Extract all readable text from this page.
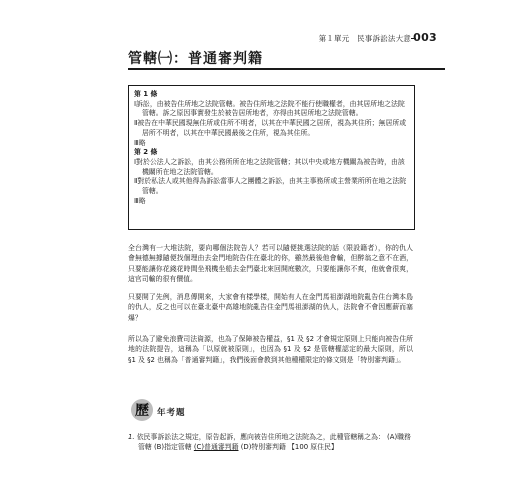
第１單元　民事訴訟法大意 003
管轄㈠：普通審判籍
第 1 條
Ⅰ訴訟，由被告住所地之法院管轄。被告住所地之法院不能行使職權者，由其居所地之法院管轄。訴之原因事實發生於被告居所地者，亦得由其居所地之法院管轄。
Ⅱ被告在中華民國現無住所或住所不明者，以其在中華民國之居所，視為其住所；無居所或居所不明者，以其在中華民國最後之住所，視為其住所。
Ⅲ略
第 2 條
Ⅰ對於公法人之訴訟，由其公務所所在地之法院管轄；其以中央或地方機關為被告時，由該機關所在地之法院管轄。
Ⅱ對於私法人或其他得為訴訟當事人之團體之訴訟，由其主事務所或主營業所所在地之法院管轄。
Ⅲ略
全台灣有一大堆法院，要向哪個法院告人？若可以隨便挑選法院的話（限設籍者），你的仇人會無德無據隨便找個理由去金門地院告住在臺北的你，雖然最後他會輸，但醉翁之意不在酒，只要能讓你花錢花時間坐飛機坐船去金門臺北來回開庭數次，只要能讓你不爽，他就會很爽，這官司輸的很有價值。
只要開了先例，消息傳開來，大家會有樣學樣，開始有人在金門馬祖澎湖地院亂告住台灣本島的仇人，反之也可以在臺北臺中高雄地院亂告住金門馬祖澎湖的仇人，法院會不會因應薪而塞爆？
所以為了避免浪費司法資源，也為了保障被告權益，§1 及 §2 才會規定原則上只能向被告住所地的法院提告，這稱為「以原就被原則」，也因為 §1 及 §2 是管轄權認定的最大原則，所以 §1 及 §2 也稱為「普通審判籍」，我們後面會教到其他種權限定的條文則是「特別審判籍」。
歷 年考題
1. 依民事訴訟法之規定，原告起訴，應向被告住所地之法院為之，此種管轄稱之為： (A)職務管轄 (B)指定管轄 (C)普通審判籍 (D)特別審判籍 【100 原住民】
